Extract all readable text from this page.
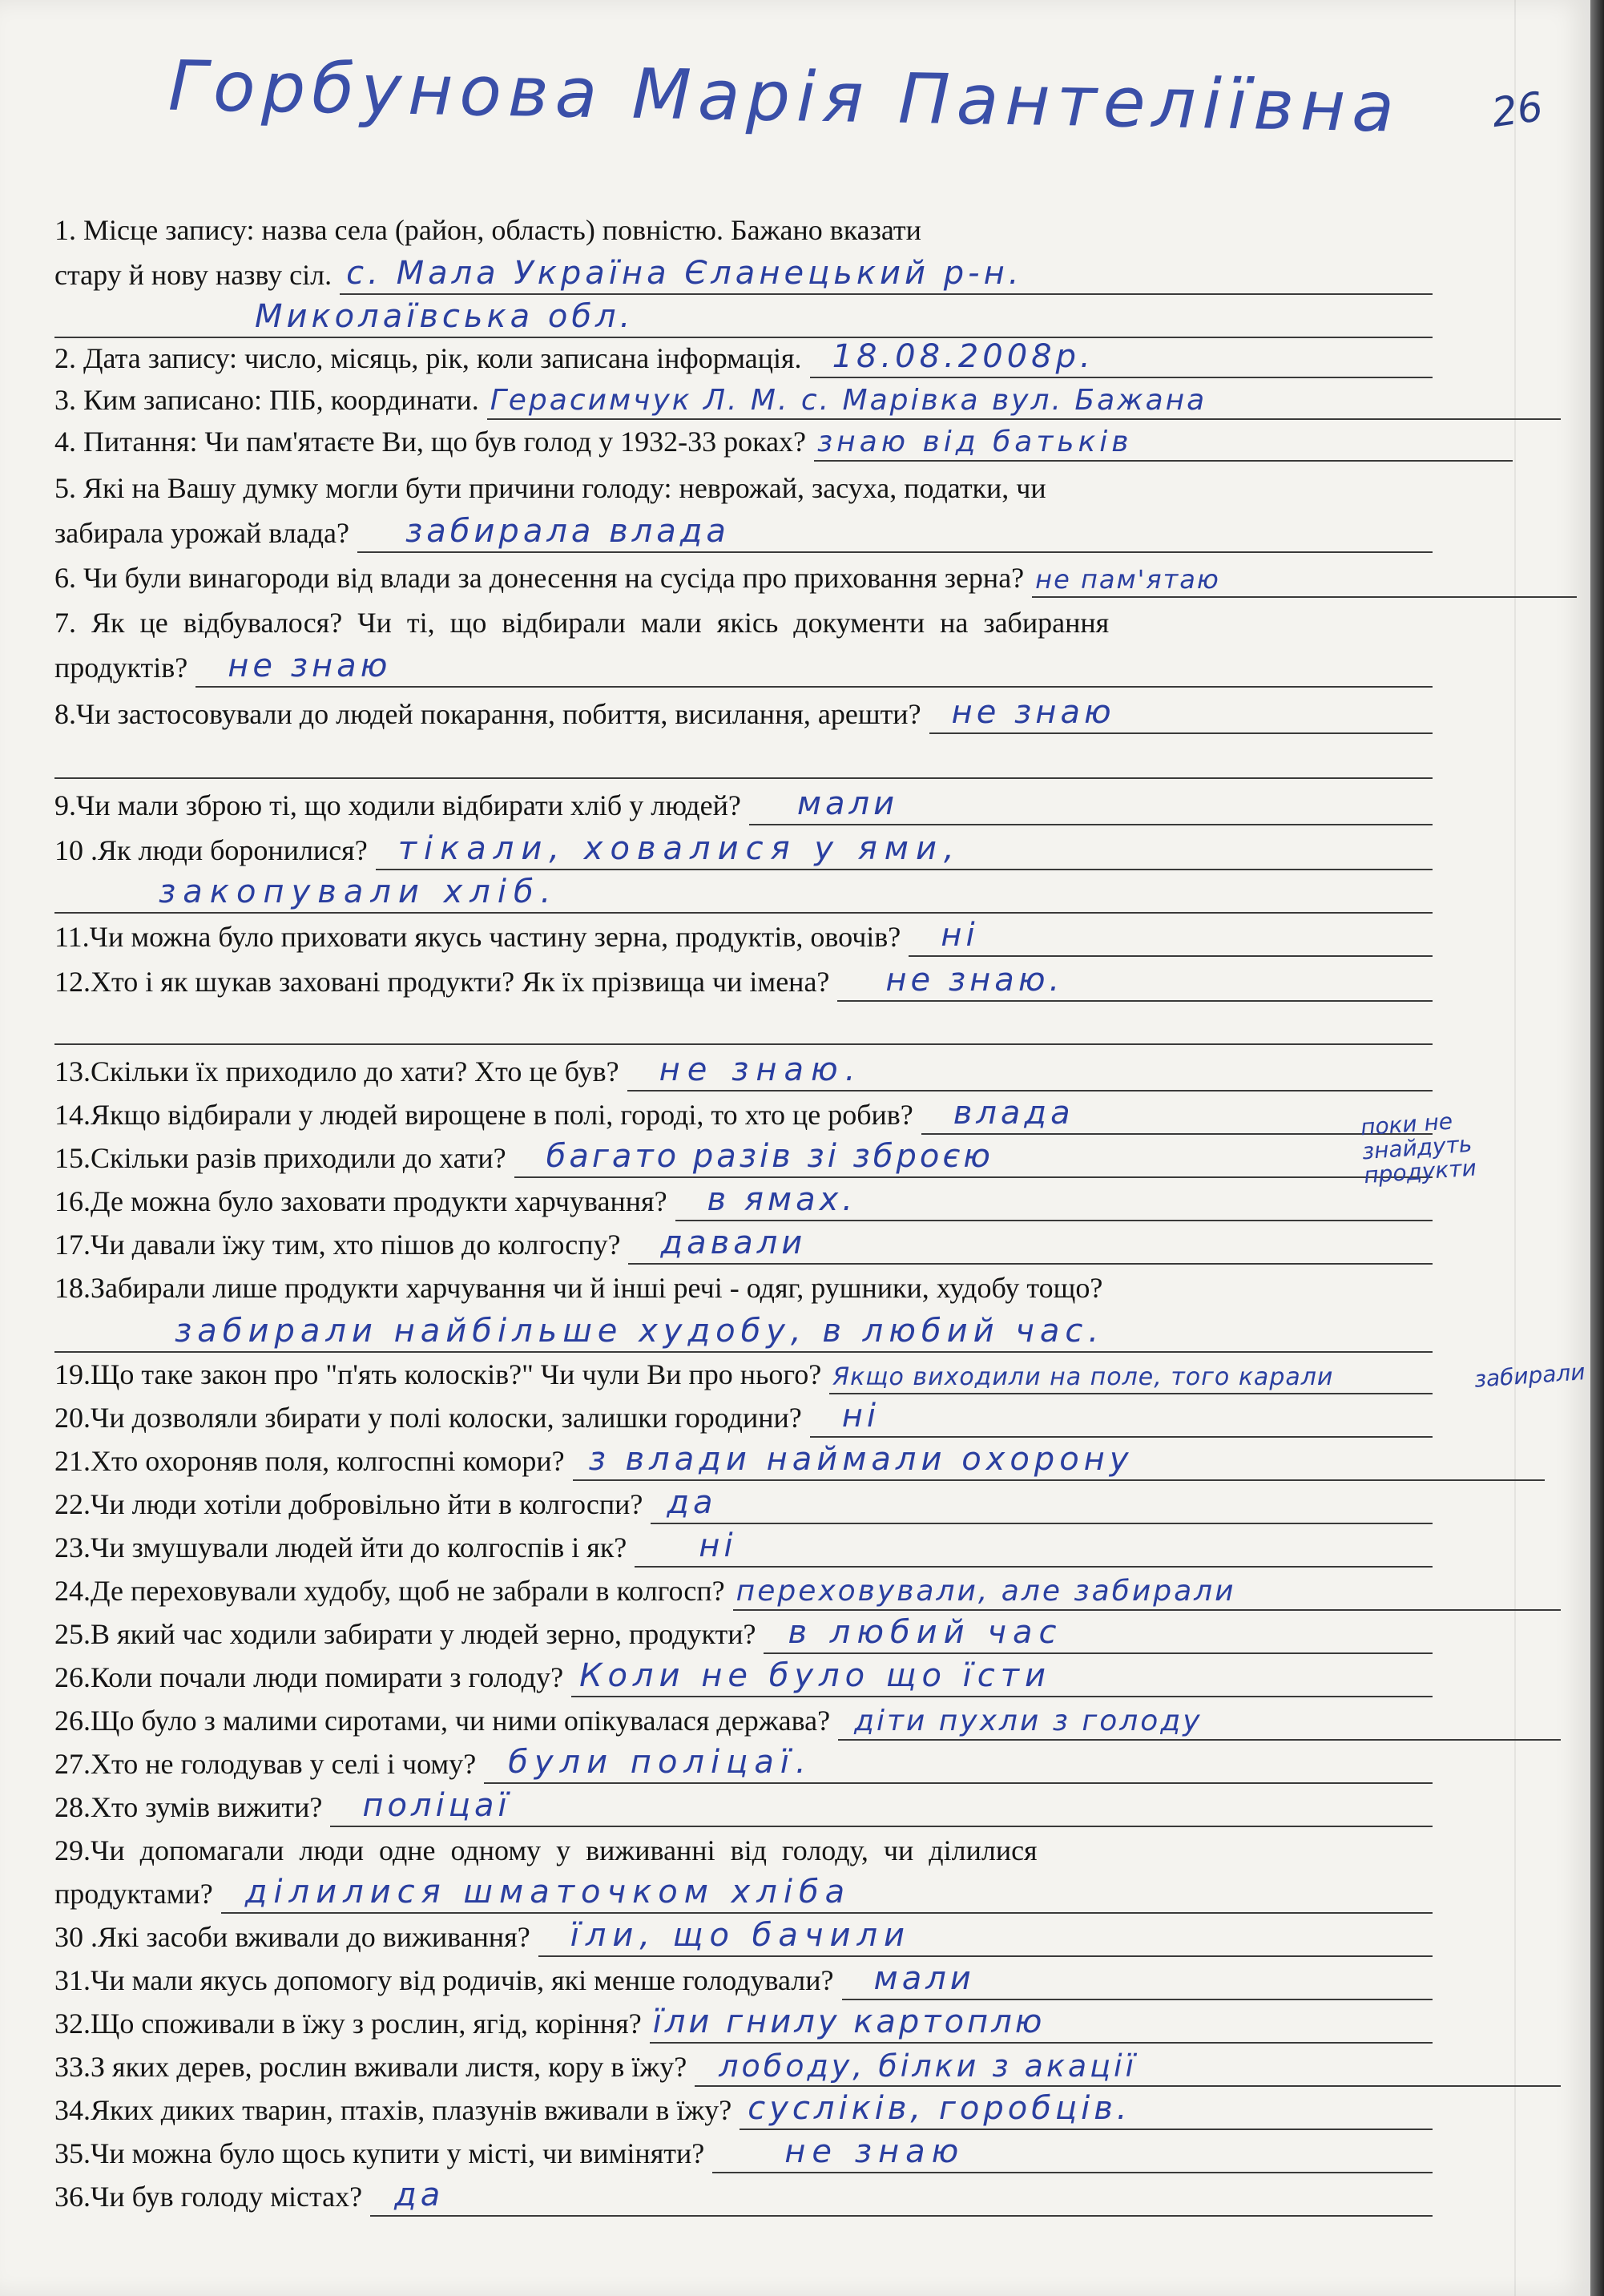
Горбунова Марія Пантеліївна	26
1. Місце запису: назва села (район, область) повністю. Бажано вказати
стару й нову назву сіл. с. Мала Україна Єланецький р-н.
Миколаївська обл.
2. Дата запису: число, місяць, рік, коли записана інформація. 18.08.2008р.
3. Ким записано: ПІБ, координати. Герасимчук Л. М. с. Марівка вул. Бажана
4. Питання: Чи пам'ятаєте Ви, що був голод у 1932-33 роках? знаю від батьків
5. Які на Вашу думку могли бути причини голоду: неврожай, засуха, податки, чи
забирала урожай влада? забирала влада
6. Чи були винагороди від влади за донесення на сусіда про приховання зерна? не пам'ятаю
7. Як це відбувалося? Чи ті, що відбирали мали якісь документи на забирання
продуктів? не знаю
8.Чи застосовували до людей покарання, побиття, висилання, арешти? не знаю
9.Чи мали зброю ті, що ходили відбирати хліб у людей? мали
10 .Як люди боронилися? тікали, ховалися у ями,
закопували хліб.
11.Чи можна було приховати якусь частину зерна, продуктів, овочів? ні
12.Хто і як шукав заховані продукти? Як їх прізвища чи імена? не знаю.
13.Скільки їх приходило до хати? Хто це був? не знаю.
14.Якщо відбирали у людей вирощене в полі, городі, то хто це робив? влада
15.Скільки разів приходили до хати? багато разів зі зброєю
поки не знайдуть продукти
16.Де можна було заховати продукти харчування? в ямах.
17.Чи давали їжу тим, хто пішов до колгоспу? давали
18.Забирали лише продукти харчування чи й інші речі - одяг, рушники, худобу тощо?
забирали найбільше худобу, в любий час.
19.Що таке закон про "п'ять колосків?" Чи чули Ви про нього? Якщо виходили на поле, того карали	забирали
20.Чи дозволяли збирати у полі колоски, залишки городини? ні
21.Хто охороняв поля, колгоспні комори? з влади наймали охорону
22.Чи люди хотіли добровільно йти в колгоспи? да
23.Чи змушували людей йти до колгоспів і як? ні
24.Де переховували худобу, щоб не забрали в колгосп? переховували, але забирали
25.В який час ходили забирати у людей зерно, продукти? в любий час
26.Коли почали люди помирати з голоду? Коли не було що їсти
26.Що було з малими сиротами, чи ними опікувалася держава? діти пухли з голоду
27.Хто не голодував у селі і чому? були поліцаї.
28.Хто зумів вижити? поліцаї
29.Чи допомагали люди одне одному у виживанні від голоду, чи ділилися
продуктами? ділилися шматочком хліба
30 .Які засоби вживали до виживання? їли, що бачили
31.Чи мали якусь допомогу від родичів, які менше голодували? мали
32.Що споживали в їжу з рослин, ягід, коріння? їли гнилу картоплю
33.З яких дерев, рослин вживали листя, кору в їжу? лободу, білки з акації
34.Яких диких тварин, птахів, плазунів вживали в їжу? сусліків, горобців.
35.Чи можна було щось купити у місті, чи виміняти?	не знаю
36.Чи був голоду містах? да
